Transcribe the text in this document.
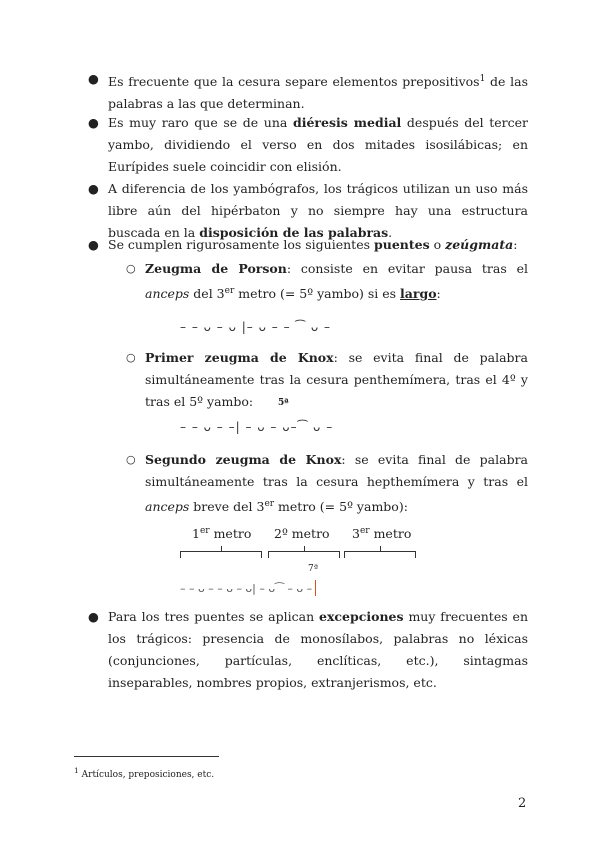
● Es frecuente que la cesura separe elementos prepositivos$^1$ de las palabras a las que determinan.
● Es muy raro que se de una diéresis medial después del tercer yambo, dividiendo el verso en dos mitades isosilábicas; en Eurípides suele coincidir con elisión.
● A diferencia de los yambógrafos, los trágicos utilizan un uso más libre aún del hipérbaton y no siempre hay una estructura buscada en la disposición de las palabras.
● Se cumplen rigurosamente los siguientes puentes o zeúgmata:
○ Zeugma de Porson: consiste en evitar pausa tras el anceps del 3er metro (= 5º yambo) si es largo:
– – ᴗ – ᴗ |– ᴗ – – ⁀ ᴗ –
○ Primer zeugma de Knox: se evita final de palabra simultáneamente tras la cesura penthemímera, tras el 4º y tras el 5º yambo:	5ª
– – ᴗ – –| – ᴗ – ᴗ–⁀ ᴗ –
○ Segundo zeugma de Knox: se evita final de palabra simultáneamente tras la cesura hepthemímera y tras el anceps breve del 3er metro (= 5º yambo):
1er metro 2º metro 3er metro
7ª
– – ᴗ – – ᴗ – ᴗ| – ᴗ⁀ – ᴗ –
● Para los tres puentes se aplican excepciones muy frecuentes en los trágicos: presencia de monosílabos, palabras no léxicas (conjunciones, partículas, enclíticas, etc.), sintagmas inseparables, nombres propios, extranjerismos, etc.
$^1$ Artículos, preposiciones, etc.
2
